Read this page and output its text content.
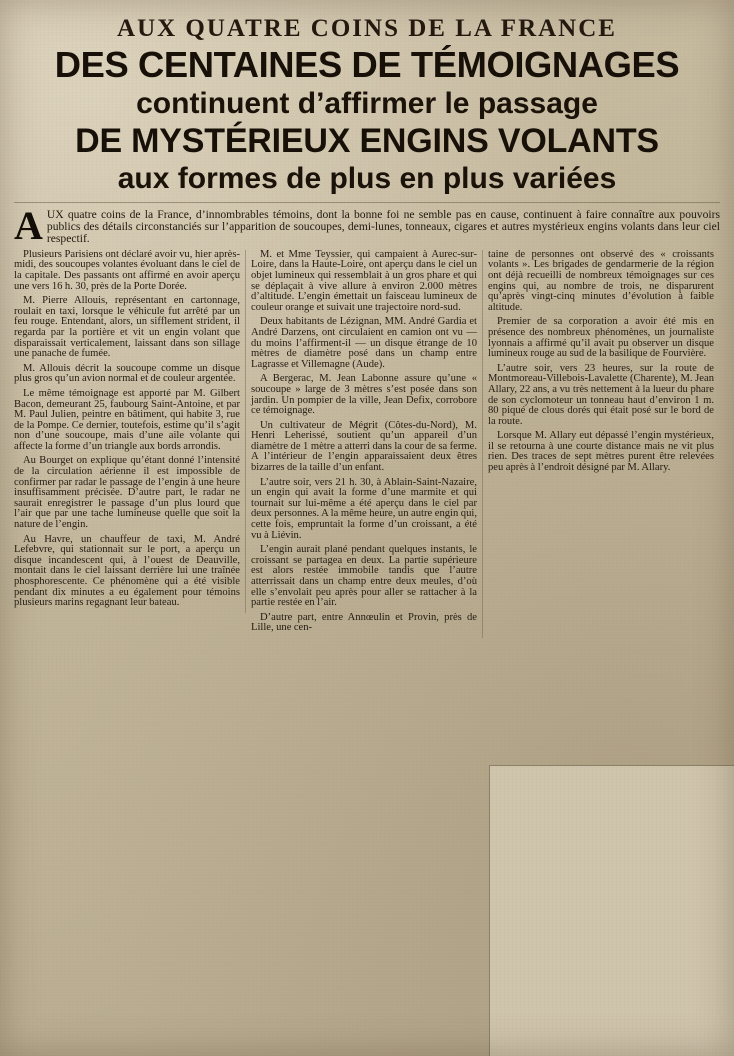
AUX QUATRE COINS DE LA FRANCE
DES CENTAINES DE TÉMOIGNAGES
continuent d’affirmer le passage
DE MYSTÉRIEUX ENGINS VOLANTS
aux formes de plus en plus variées

AUX quatre coins de la France, d’innombrables témoins, dont la bonne foi ne semble pas en cause, continuent à faire connaître aux pouvoirs publics des détails circonstanciés sur l’apparition de soucoupes, demi-lunes, tonneaux, cigares et autres mystérieux engins volants dans leur ciel respectif.

Plusieurs Parisiens ont déclaré avoir vu, hier après-midi, des soucoupes volantes évoluant dans le ciel de la capitale. Des passants ont affirmé en avoir aperçu une vers 16 h. 30, près de la Porte Dorée.

M. Pierre Allouis, représentant en cartonnage, roulait en taxi, lorsque le véhicule fut arrêté par un feu rouge. Entendant, alors, un sifflement strident, il regarda par la portière et vit un engin volant que disparaissait verticalement, laissant dans son sillage une panache de fumée.

M. Allouis décrit la soucoupe comme un disque plus gros qu’un avion normal et de couleur argentée.

Le même témoignage est apporté par M. Gilbert Bacon, demeurant 25, faubourg Saint-Antoine, et par M. Paul Julien, peintre en bâtiment, qui habite 3, rue de la Pompe. Ce dernier, toutefois, estime qu’il s’agit non d’une soucoupe, mais d’une aile volante qui affecte la forme d’un triangle aux bords arrondis.

Au Bourget on explique qu’étant donné l’intensité de la circulation aérienne il est impossible de confirmer par radar le passage de l’engin à une heure insuffisamment précisée. D’autre part, le radar ne saurait enregistrer le passage d’un plus lourd que l’air que par une tache lumineuse quelle que soit la nature de l’engin.

Au Havre, un chauffeur de taxi, M. André Lefebvre, qui stationnait sur le port, a aperçu un disque incandescent qui, à l’ouest de Deauville, montait dans le ciel laissant derrière lui une traînée phosphorescente. Ce phénomène qui a été visible pendant dix minutes a eu également pour témoins plusieurs marins regagnant leur bateau.

M. et Mme Teyssier, qui campaient à Aurec-sur-Loire, dans la Haute-Loire, ont aperçu dans le ciel un objet lumineux qui ressemblait à un gros phare et qui se déplaçait à vive allure à environ 2.000 mètres d’altitude. L’engin émettait un faisceau lumineux de couleur orange et suivait une trajectoire nord-sud.

Deux habitants de Lézignan, MM. André Gardia et André Darzens, ont circulaient en camion ont vu — du moins l’affirment-il — un disque étrange de 10 mètres de diamètre posé dans un champ entre Lagrasse et Villemagne (Aude).

A Bergerac, M. Jean Labonne assure qu’une « soucoupe » large de 3 mètres s’est posée dans son jardin. Un pompier de la ville, Jean Defix, corrobore ce témoignage.

Un cultivateur de Mégrit (Côtes-du-Nord), M. Henri Leherissé, soutient qu’un appareil d’un diamètre de 1 mètre a atterri dans la cour de sa ferme. A l’intérieur de l’engin apparaissaient deux êtres bizarres de la taille d’un enfant.

L’autre soir, vers 21 h. 30, à Ablain-Saint-Nazaire, un engin qui avait la forme d’une marmite et qui tournait sur lui-même a été aperçu dans le ciel par deux personnes. A la même heure, un autre engin qui, cette fois, empruntait la forme d’un croissant, a été vu à Liévin.

L’engin aurait plané pendant quelques instants, le croissant se partagea en deux. La partie supérieure est alors restée immobile tandis que l’autre atterrissait dans un champ entre deux meules, d’où elle s’envolait peu après pour aller se rattacher à la partie restée en l’air.

D’autre part, entre Annœulin et Provin, près de Lille, une cen-

taine de personnes ont observé des « croissants volants ». Les brigades de gendarmerie de la région ont déjà recueilli de nombreux témoignages sur ces engins qui, au nombre de trois, ne disparurent qu’après vingt-cinq minutes d’évolution à faible altitude.

Premier de sa corporation a avoir été mis en présence des nombreux phénomènes, un journaliste lyonnais a affirmé qu’il avait pu observer un disque lumineux rouge au sud de la basilique de Fourvière.

L’autre soir, vers 23 heures, sur la route de Montmoreau-Villebois-Lavalette (Charente), M. Jean Allary, 22 ans, a vu très nettement à la lueur du phare de son cyclomoteur un tonneau haut d’environ 1 m. 80 piqué de clous dorés qui était posé sur le bord de la route.

Lorsque M. Allary eut dépassé l’engin mystérieux, il se retourna à une courte distance mais ne vit plus rien. Des traces de sept mètres purent être relevées peu après à l’endroit désigné par M. Allary.
